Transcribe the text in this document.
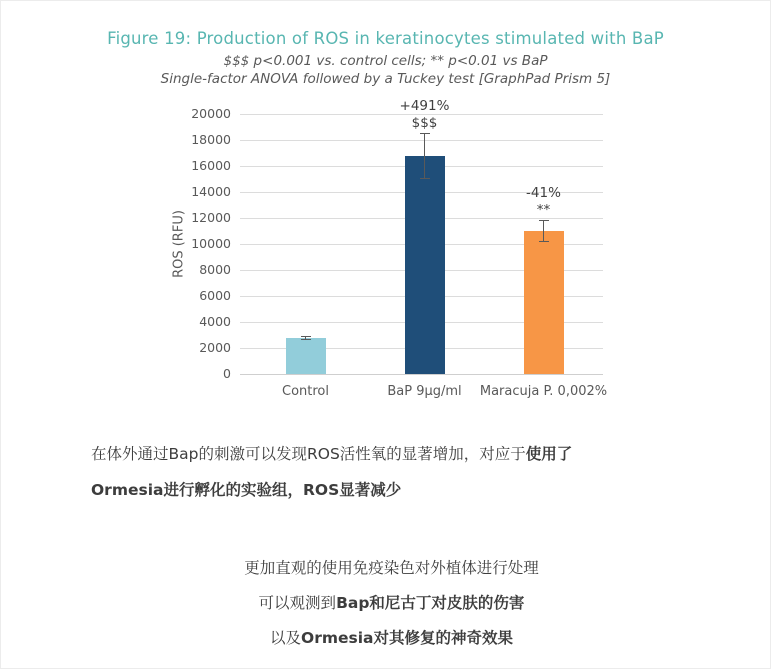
Figure 19: Production of ROS in keratinocytes stimulated with BaP
$$$ p<0.001 vs. control cells; ** p<0.01 vs BaP
Single-factor ANOVA followed by a Tuckey test [GraphPad Prism 5]
ROS (RFU)
0
2000
4000
6000
8000
10000
12000
14000
16000
18000
20000	+491%
$$$
-41%
**
Control	BaP 9µg/ml Maracuja P. 0,002%
在体外通过Bap的刺激可以发现ROS活性氧的显著增加，对应于使用了
Ormesia进行孵化的实验组，ROS显著减少
更加直观的使用免疫染色对外植体进行处理
可以观测到Bap和尼古丁对皮肤的伤害
以及Ormesia对其修复的神奇效果
